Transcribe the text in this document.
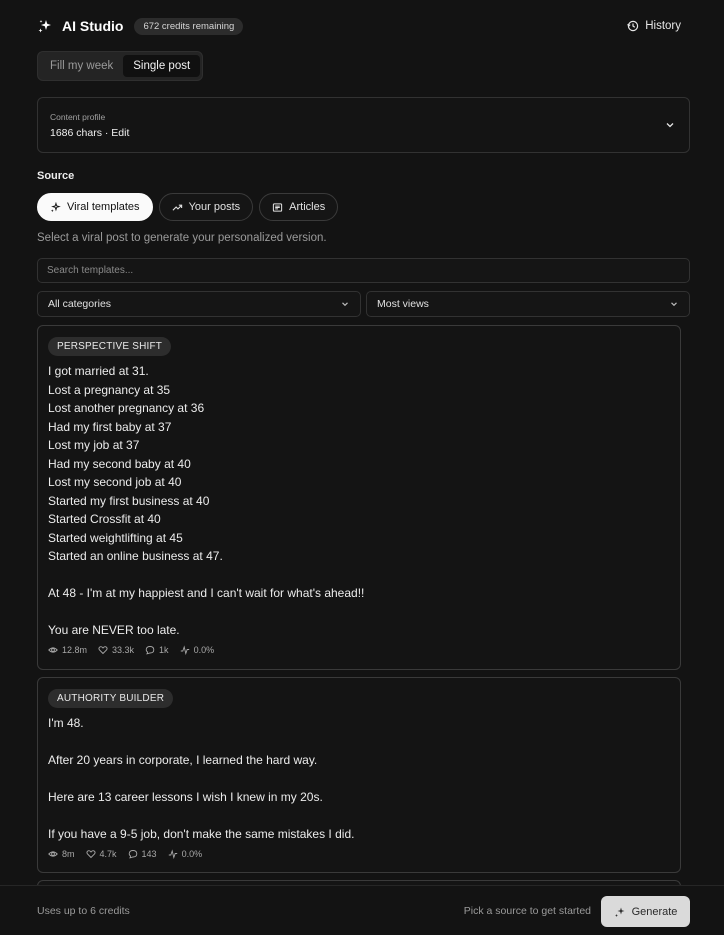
AI Studio	672 credits remaining	History
Fill my week	Single post
Content profile
1686 chars · Edit
Source
Viral templates	Your posts	Articles
Select a viral post to generate your personalized version.
Search templates...
All categories	Most views
PERSPECTIVE SHIFT
I got married at 31.
Lost a pregnancy at 35
Lost another pregnancy at 36
Had my first baby at 37
Lost my job at 37
Had my second baby at 40
Lost my second job at 40
Started my first business at 40
Started Crossfit at 40
Started weightlifting at 45
Started an online business at 47.

At 48 - I'm at my happiest and I can't wait for what's ahead!!

You are NEVER too late.
12.8m	33.3k	1k	0.0%
AUTHORITY BUILDER
I'm 48.

After 20 years in corporate, I learned the hard way.

Here are 13 career lessons I wish I knew in my 20s.

If you have a 9-5 job, don't make the same mistakes I did.
8m	4.7k	143	0.0%
Uses up to 6 credits	Pick a source to get started	Generate
